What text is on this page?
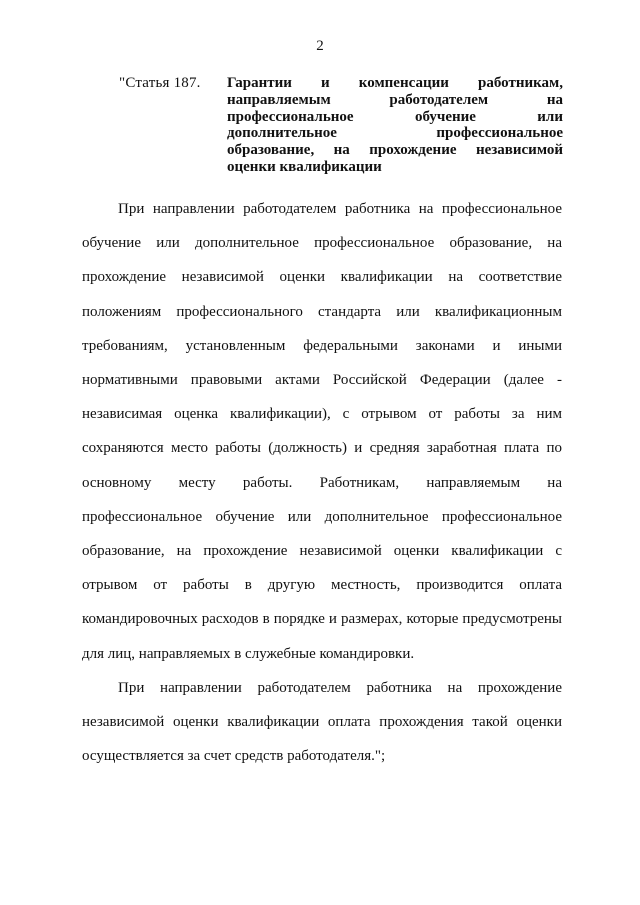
2
"Статья 187.	Гарантии и компенсации работникам,
направляемым работодателем на
профессиональное обучение или
дополнительное профессиональное
образование, на прохождение независимой
оценки квалификации

При направлении работодателем работника на профессиональное
обучение или дополнительное профессиональное образование, на
прохождение независимой оценки квалификации на соответствие
положениям профессионального стандарта или квалификационным
требованиям, установленным федеральными законами и иными
нормативными правовыми актами Российской Федерации (далее -
независимая оценка квалификации), с отрывом от работы за ним
сохраняются место работы (должность) и средняя заработная плата по
основному месту работы. Работникам, направляемым на
профессиональное обучение или дополнительное профессиональное
образование, на прохождение независимой оценки квалификации с
отрывом от работы в другую местность, производится оплата
командировочных расходов в порядке и размерах, которые предусмотрены
для лиц, направляемых в служебные командировки.

При направлении работодателем работника на прохождение
независимой оценки квалификации оплата прохождения такой оценки
осуществляется за счет средств работодателя.";
